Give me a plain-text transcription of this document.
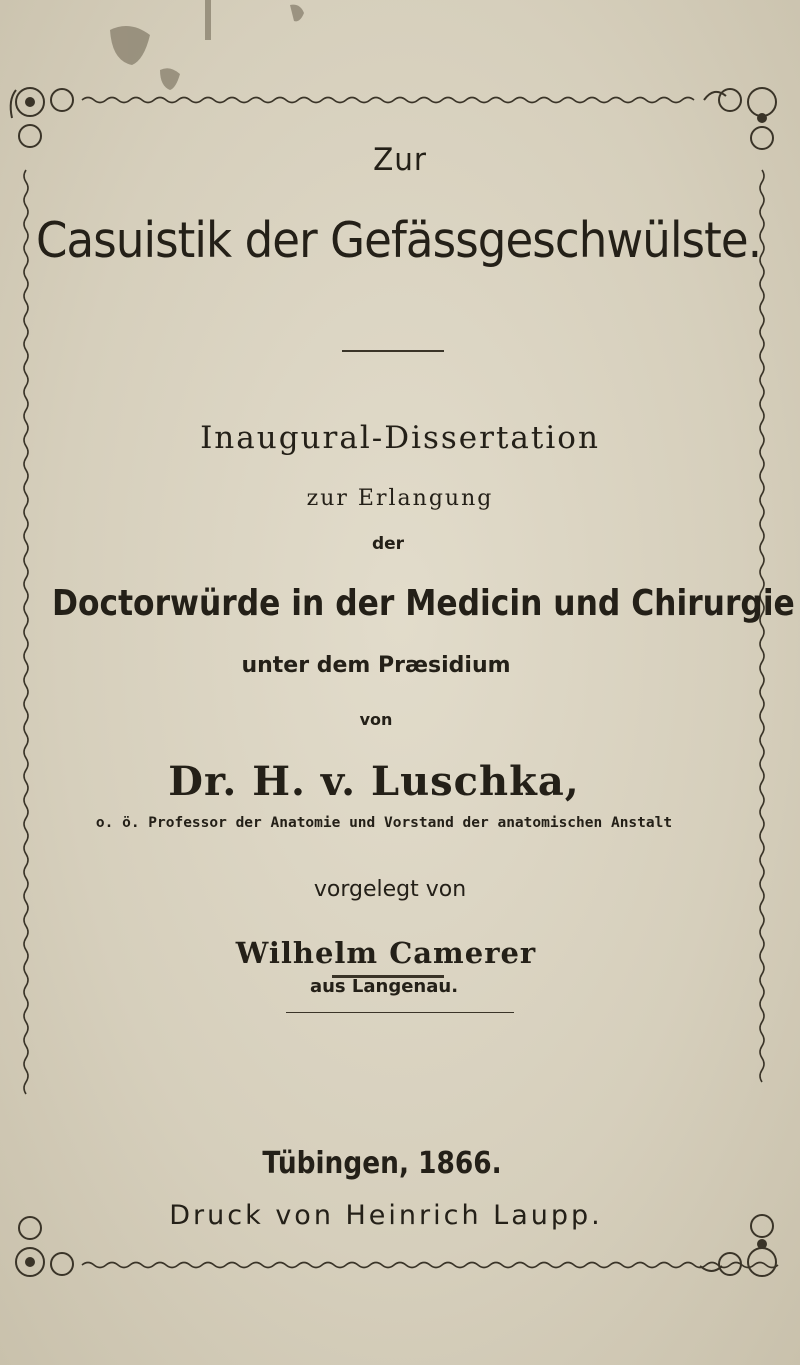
Zur
Casuistik der Gefässgeschwülste.
Inaugural-Dissertation
zur Erlangung
der
Doctorwürde in der Medicin und Chirurgie
unter dem Præsidium
von
Dr. H. v. Luschka,
o. ö. Professor der Anatomie und Vorstand der anatomischen Anstalt
vorgelegt von
Wilhelm Camerer
aus Langenau.
Tübingen, 1866.
Druck von Heinrich Laupp.
